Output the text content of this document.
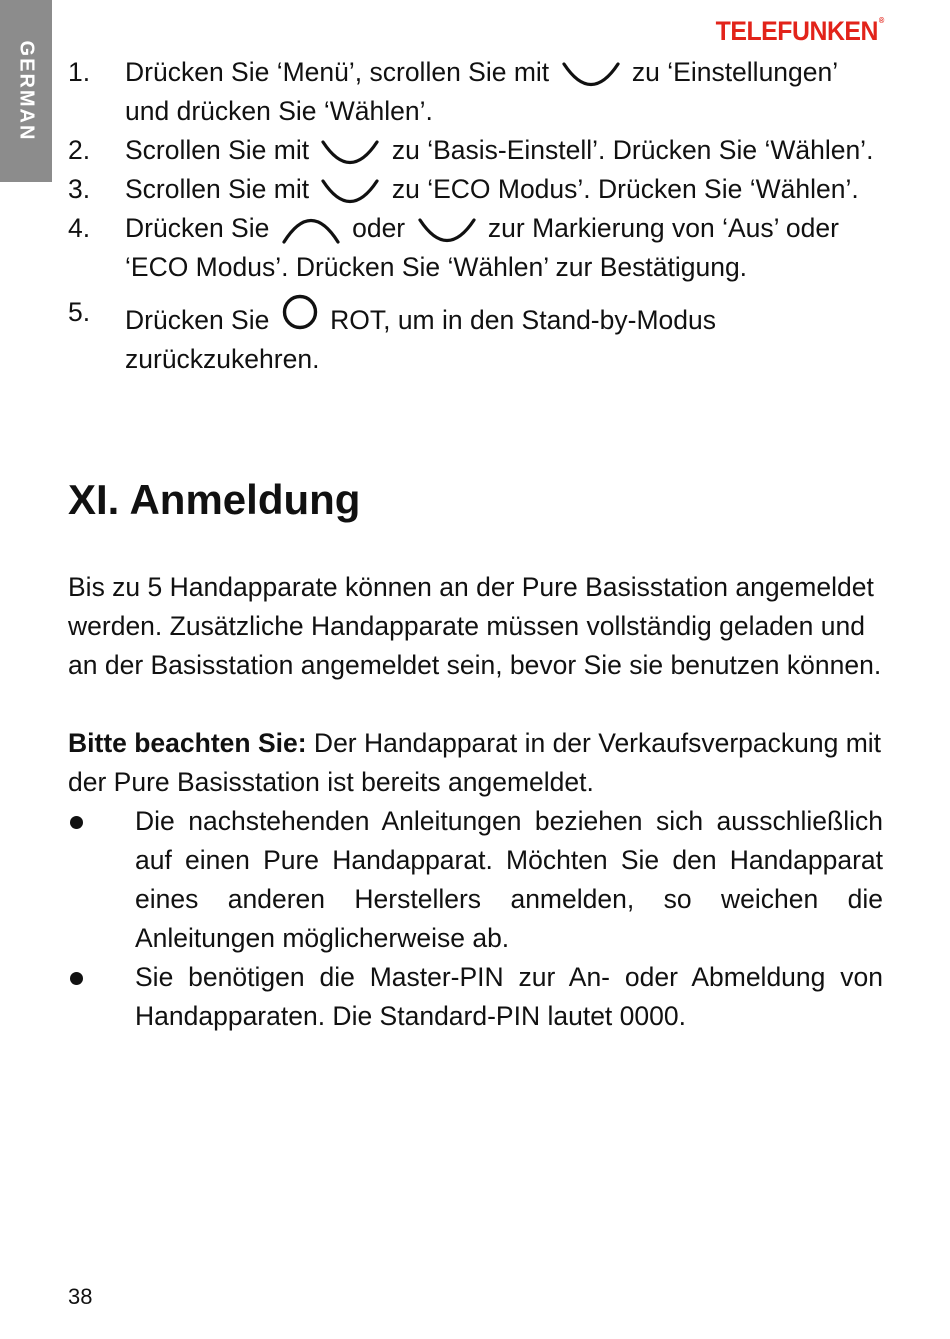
GERMAN
TELEFUNKEN®
1. Drücken Sie ‘Menü’, scrollen Sie mit	zu ‘Einstellungen’ und drücken Sie ‘Wählen’.
2. Scrollen Sie mit	zu ‘Basis-Einstell’. Drücken Sie ‘Wählen’.
3. Scrollen Sie mit	zu ‘ECO Modus’. Drücken Sie ‘Wählen’.
4. Drücken Sie	oder	zur Markierung von ‘Aus’ oder ‘ECO Modus’. Drücken Sie ‘Wählen’ zur Bestätigung.
5. Drücken Sie ROT, um in den Stand-by-Modus zurückzukehren.
XI. Anmeldung

Bis zu 5 Handapparate können an der Pure Basisstation angemeldet werden. Zusätzliche Handapparate müssen vollständig geladen und an der Basisstation angemeldet sein, bevor Sie sie benutzen können.

Bitte beachten Sie: Der Handapparat in der Verkaufsverpackung mit der Pure Basisstation ist bereits angemeldet.

Die nachstehenden Anleitungen beziehen sich ausschließlich auf einen Pure Handapparat. Möchten Sie den Handapparat eines anderen Herstellers anmelden, so weichen die Anleitungen möglicherweise ab.
Sie benötigen die Master-PIN zur An- oder Abmeldung von Handapparaten. Die Standard-PIN lautet 0000.
38
